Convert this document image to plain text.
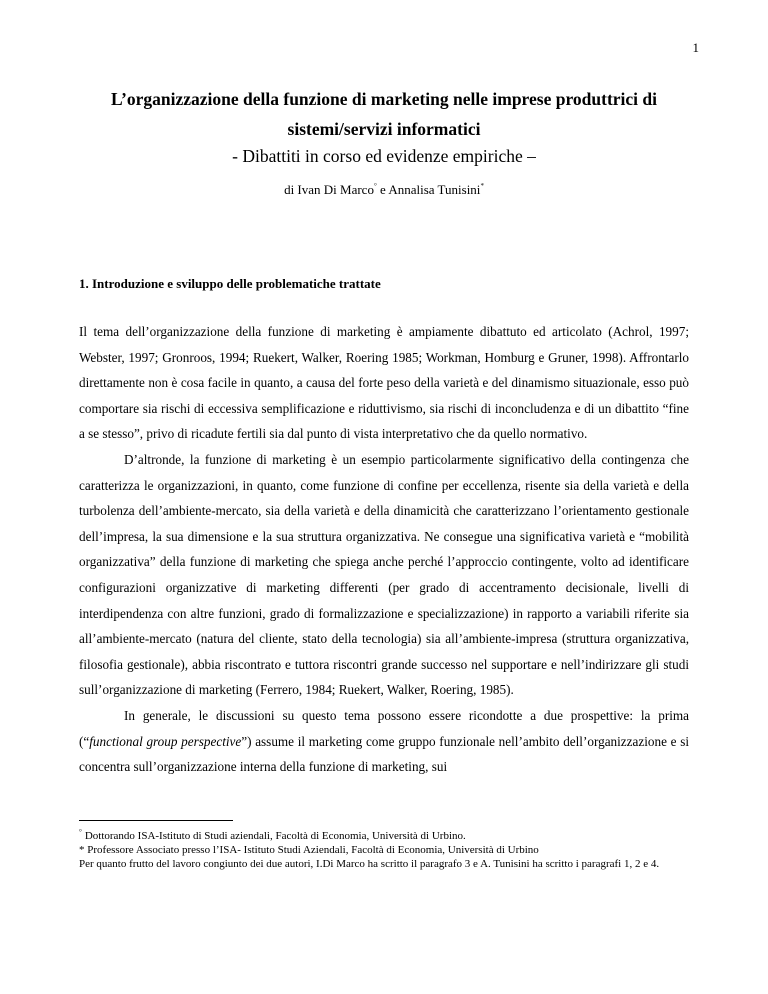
1
L’organizzazione della funzione di marketing nelle imprese produttrici di sistemi/servizi informatici
- Dibattiti in corso ed evidenze empiriche –
di Ivan Di Marco° e Annalisa Tunisini*
1. Introduzione e sviluppo delle problematiche trattate

Il tema dell’organizzazione della funzione di marketing è ampiamente dibattuto ed articolato (Achrol, 1997; Webster, 1997; Gronroos, 1994; Ruekert, Walker, Roering 1985; Workman, Homburg e Gruner, 1998). Affrontarlo direttamente non è cosa facile in quanto, a causa del forte peso della varietà e del dinamismo situazionale, esso può comportare sia rischi di eccessiva semplificazione e riduttivismo, sia rischi di inconcludenza e di un dibattito “fine a se stesso”, privo di ricadute fertili sia dal punto di vista interpretativo che da quello normativo.

D’altronde, la funzione di marketing è un esempio particolarmente significativo della contingenza che caratterizza le organizzazioni, in quanto, come funzione di confine per eccellenza, risente sia della varietà e della turbolenza dell’ambiente-mercato, sia della varietà e della dinamicità che caratterizzano l’orientamento gestionale dell’impresa, la sua dimensione e la sua struttura organizzativa. Ne consegue una significativa varietà e “mobilità organizzativa” della funzione di marketing che spiega anche perché l’approccio contingente, volto ad identificare configurazioni organizzative di marketing differenti (per grado di accentramento decisionale, livelli di interdipendenza con altre funzioni, grado di formalizzazione e specializzazione) in rapporto a variabili riferite sia all’ambiente-mercato (natura del cliente, stato della tecnologia) sia all’ambiente-impresa (struttura organizzativa, filosofia gestionale), abbia riscontrato e tuttora riscontri grande successo nel supportare e nell’indirizzare gli studi sull’organizzazione di marketing (Ferrero, 1984; Ruekert, Walker, Roering, 1985).

In generale, le discussioni su questo tema possono essere ricondotte a due prospettive: la prima (“functional group perspective”) assume il marketing come gruppo funzionale nell’ambito dell’organizzazione e si concentra sull’organizzazione interna della funzione di marketing, sui

° Dottorando ISA-Istituto di Studi aziendali, Facoltà di Economia, Università di Urbino.

* Professore Associato presso l’ISA- Istituto Studi Aziendali, Facoltà di Economia, Università di Urbino

Per quanto frutto del lavoro congiunto dei due autori, I.Di Marco ha scritto il paragrafo 3 e A. Tunisini ha scritto i paragrafi 1, 2 e 4.
